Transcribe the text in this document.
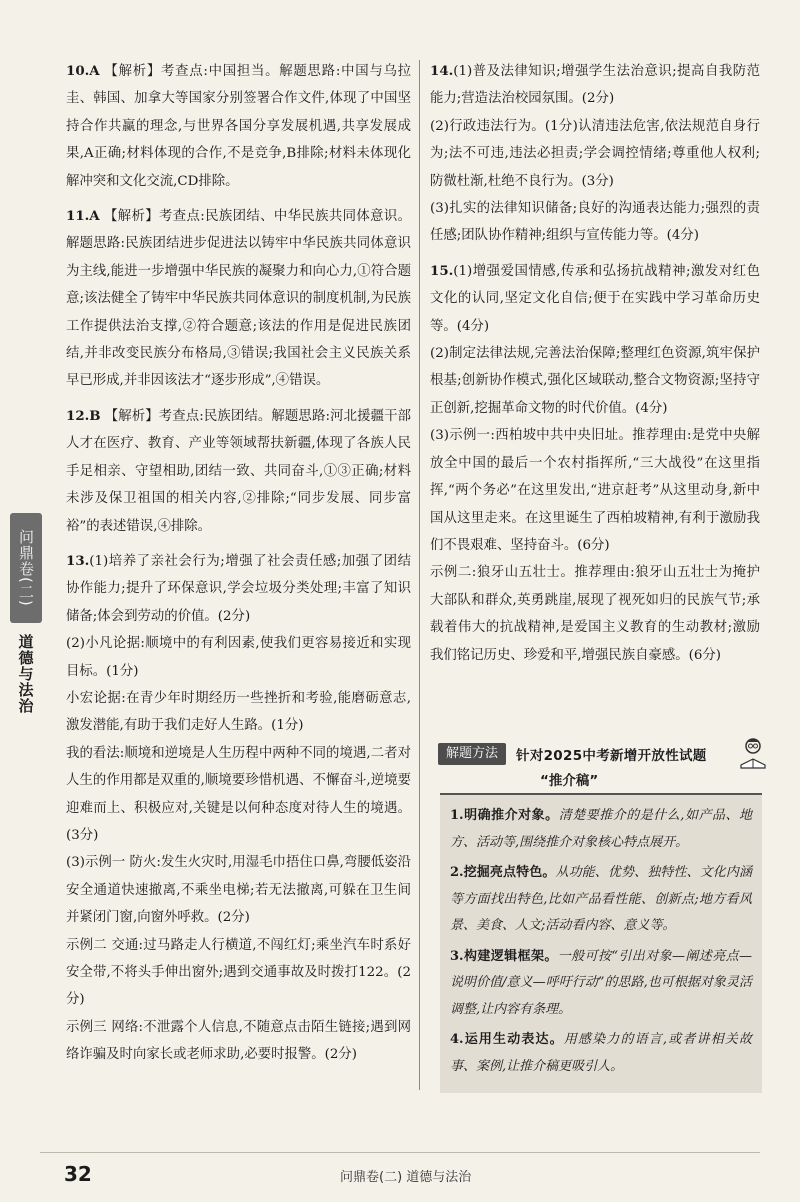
10.A 【解析】考查点:中国担当。解题思路:中国与乌拉圭、韩国、加拿大等国家分别签署合作文件,体现了中国坚持合作共赢的理念,与世界各国分享发展机遇,共享发展成果,A正确;材料体现的合作,不是竞争,B排除;材料未体现化解冲突和文化交流,CD排除。

11.A 【解析】考查点:民族团结、中华民族共同体意识。解题思路:民族团结进步促进法以铸牢中华民族共同体意识为主线,能进一步增强中华民族的凝聚力和向心力,①符合题意;该法健全了铸牢中华民族共同体意识的制度机制,为民族工作提供法治支撑,②符合题意;该法的作用是促进民族团结,并非改变民族分布格局,③错误;我国社会主义民族关系早已形成,并非因该法才“逐步形成”,④错误。

12.B 【解析】考查点:民族团结。解题思路:河北援疆干部人才在医疗、教育、产业等领域帮扶新疆,体现了各族人民手足相亲、守望相助,团结一致、共同奋斗,①③正确;材料未涉及保卫祖国的相关内容,②排除;“同步发展、同步富裕”的表述错误,④排除。

13.(1)培养了亲社会行为;增强了社会责任感;加强了团结协作能力;提升了环保意识,学会垃圾分类处理;丰富了知识储备;体会到劳动的价值。(2分)

(2)小凡论据:顺境中的有利因素,使我们更容易接近和实现目标。(1分)

小宏论据:在青少年时期经历一些挫折和考验,能磨砺意志,激发潜能,有助于我们走好人生路。(1分)

我的看法:顺境和逆境是人生历程中两种不同的境遇,二者对人生的作用都是双重的,顺境要珍惜机遇、不懈奋斗,逆境要迎难而上、积极应对,关键是以何种态度对待人生的境遇。(3分)

(3)示例一 防火:发生火灾时,用湿毛巾捂住口鼻,弯腰低姿沿安全通道快速撤离,不乘坐电梯;若无法撤离,可躲在卫生间并紧闭门窗,向窗外呼救。(2分)

示例二 交通:过马路走人行横道,不闯红灯;乘坐汽车时系好安全带,不将头手伸出窗外;遇到交通事故及时拨打122。(2分)

示例三 网络:不泄露个人信息,不随意点击陌生链接;遇到网络诈骗及时向家长或老师求助,必要时报警。(2分)

14.(1)普及法律知识;增强学生法治意识;提高自我防范能力;营造法治校园氛围。(2分)

(2)行政违法行为。(1分)认清违法危害,依法规范自身行为;法不可违,违法必担责;学会调控情绪;尊重他人权利;防微杜渐,杜绝不良行为。(3分)

(3)扎实的法律知识储备;良好的沟通表达能力;强烈的责任感;团队协作精神;组织与宣传能力等。(4分)

15.(1)增强爱国情感,传承和弘扬抗战精神;激发对红色文化的认同,坚定文化自信;便于在实践中学习革命历史等。(4分)

(2)制定法律法规,完善法治保障;整理红色资源,筑牢保护根基;创新协作模式,强化区域联动,整合文物资源;坚持守正创新,挖掘革命文物的时代价值。(4分)

(3)示例一:西柏坡中共中央旧址。推荐理由:是党中央解放全中国的最后一个农村指挥所,“三大战役”在这里指挥,“两个务必”在这里发出,“进京赶考”从这里动身,新中国从这里走来。在这里诞生了西柏坡精神,有利于激励我们不畏艰难、坚持奋斗。(6分)

示例二:狼牙山五壮士。推荐理由:狼牙山五壮士为掩护大部队和群众,英勇跳崖,展现了视死如归的民族气节;承载着伟大的抗战精神,是爱国主义教育的生动教材;激励我们铭记历史、珍爱和平,增强民族自豪感。(6分)

解题方法	针对2025中考新增开放性试题
“推介稿”

1.明确推介对象。清楚要推介的是什么,如产品、地方、活动等,围绕推介对象核心特点展开。

2.挖掘亮点特色。从功能、优势、独特性、文化内涵等方面找出特色,比如产品看性能、创新点;地方看风景、美食、人文;活动看内容、意义等。

3.构建逻辑框架。一般可按“引出对象—阐述亮点—说明价值/意义—呼吁行动”的思路,也可根据对象灵活调整,让内容有条理。

4.运用生动表达。用感染力的语言,或者讲相关故事、案例,让推介稿更吸引人。

问鼎卷(二)
道德与法治
32	问鼎卷(二) 道德与法治
